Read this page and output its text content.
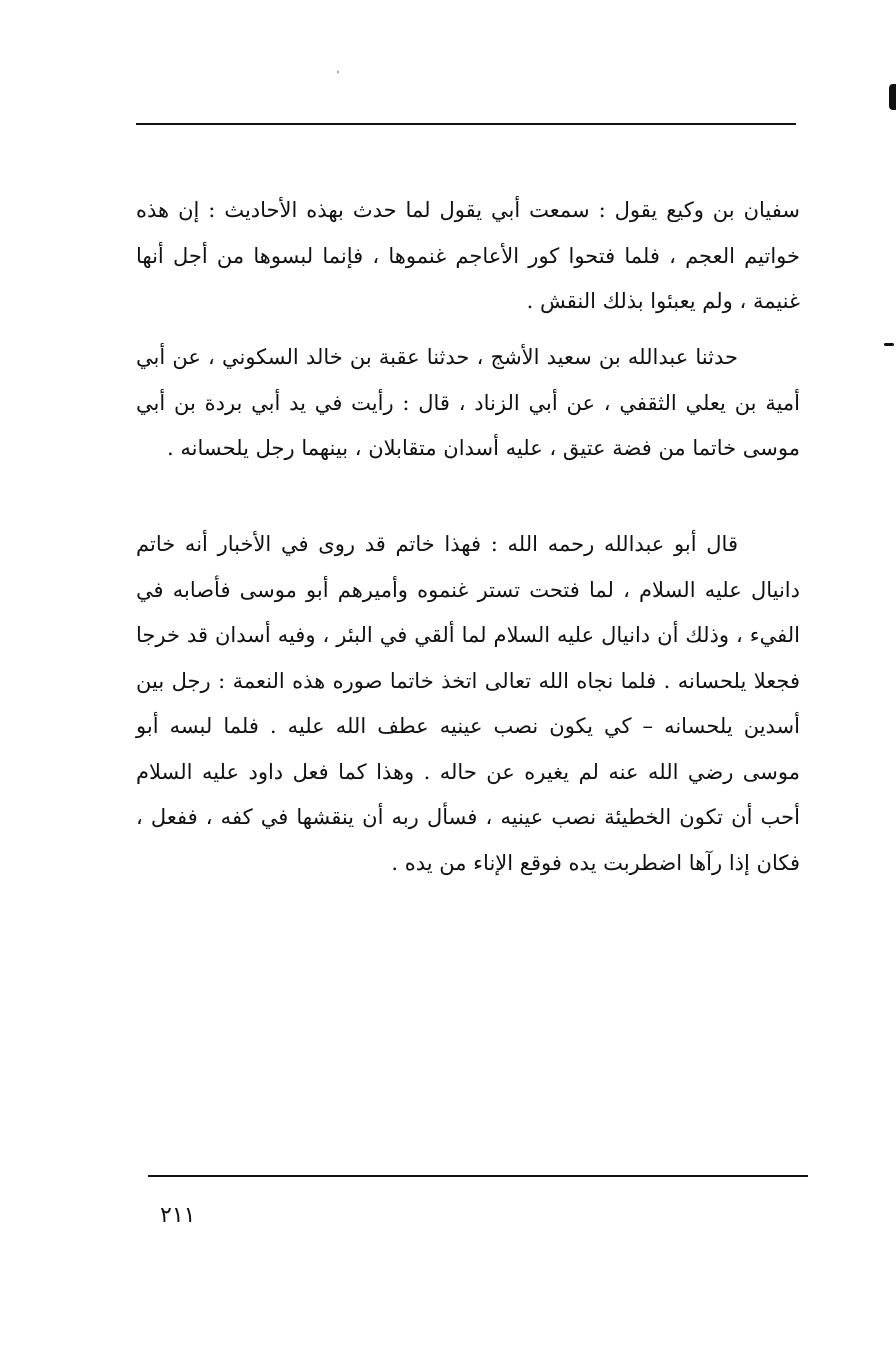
سفيان بن وكيع يقول : سمعت أبي يقول لما حدث بهذه الأحاديث : إن هذه خواتيم العجم ، فلما فتحوا كور الأعاجم غنموها ، فإنما لبسوها من أجل أنها غنيمة ، ولم يعبئوا بذلك النقش .

حدثنا عبدالله بن سعيد الأشج ، حدثنا عقبة بن خالد السكوني ، عن أبي أمية بن يعلي الثقفي ، عن أبي الزناد ، قال : رأيت في يد أبي بردة بن أبي موسى خاتما من فضة عتيق ، عليه أسدان متقابلان ، بينهما رجل يلحسانه .

قال أبو عبدالله رحمه الله : فهذا خاتم قد روى في الأخبار أنه خاتم دانيال عليه السلام ، لما فتحت تستر غنموه وأميرهم أبو موسى فأصابه في الفيء ، وذلك أن دانيال عليه السلام لما ألقي في البئر ، وفيه أسدان قد خرجا فجعلا يلحسانه . فلما نجاه الله تعالى اتخذ خاتما صوره هذه النعمة : رجل بين أسدين يلحسانه – كي يكون نصب عينيه عطف الله عليه . فلما لبسه أبو موسى رضي الله عنه لم يغيره عن حاله . وهذا كما فعل داود عليه السلام أحب أن تكون الخطيئة نصب عينيه ، فسأل ربه أن ينقشها في كفه ، ففعل ، فكان إذا رآها اضطربت يده فوقع الإناء من يده .

٢١١
